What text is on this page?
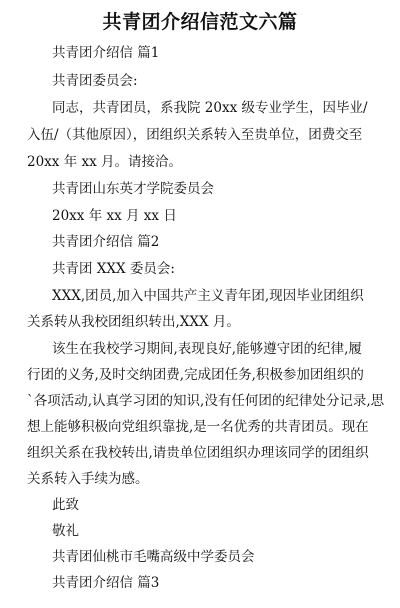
共青团介绍信范文六篇
共青团介绍信 篇1
共青团委员会:
同志，共青团员，系我院 20xx 级专业学生，因毕业/
入伍/（其他原因），团组织关系转入至贵单位，团费交至
20xx 年 xx 月。请接洽。
共青团山东英才学院委员会
20xx 年 xx 月 xx 日
共青团介绍信 篇2
共青团 XXX 委员会:
XXX,团员,加入中国共产主义青年团,现因毕业团组织
关系转从我校团组织转出,XXX 月。
该生在我校学习期间,表现良好,能够遵守团的纪律,履
行团的义务,及时交纳团费,完成团任务,积极参加团组织的
`各项活动,认真学习团的知识,没有任何团的纪律处分记录,思
想上能够积极向党组织靠拢,是一名优秀的共青团员。现在
组织关系在我校转出,请贵单位团组织办理该同学的团组织
关系转入手续为感。
此致
敬礼
共青团仙桃市毛嘴高级中学委员会
共青团介绍信 篇3
